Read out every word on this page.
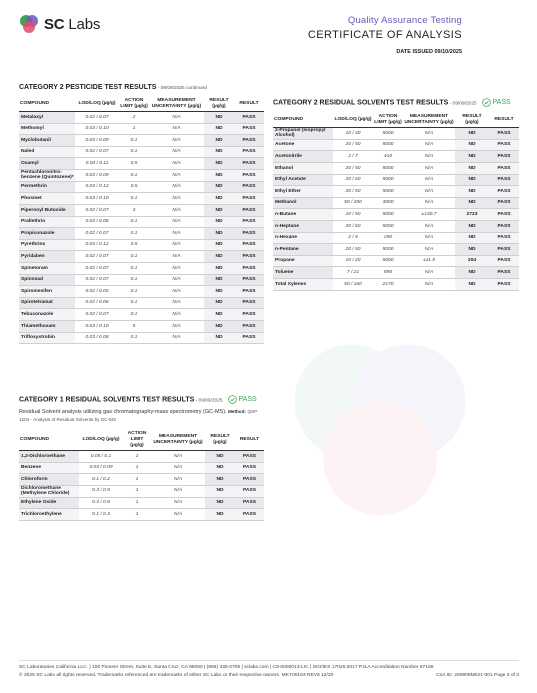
SC Labs	Quality Assurance Testing
CERTIFICATE OF ANALYSIS
DATE ISSUED 09/10/2025
CATEGORY 2 PESTICIDE TEST RESULTS - 09/09/2025 continued
COMPOUND	LOD/LOQ (µg/g)	ACTION LIMIT (µg/g)	MEASUREMENT UNCERTAINTY (µg/g)	RESULT (µg/g)	RESULT
Metalaxyl	0.02 / 0.07	2	N/A	ND	PASS
Methomyl	0.03 / 0.10	1	N/A	ND	PASS
Myclobutanil	0.03 / 0.09	0.1	N/A	ND	PASS
Naled	0.02 / 0.07	0.1	N/A	ND	PASS
Oxamyl	0.04 / 0.11	0.5	N/A	ND	PASS
Pentachloronitro-benzene (Quintozene)*	0.03 / 0.09	0.1	N/A	ND	PASS
Permethrin	0.04 / 0.12	0.5	N/A	ND	PASS
Phosmet	0.03 / 0.10	0.1	N/A	ND	PASS
Piperonyl Butoxide	0.02 / 0.07	3	N/A	ND	PASS
Prallethrin	0.03 / 0.08	0.1	N/A	ND	PASS
Propiconazole	0.02 / 0.07	0.1	N/A	ND	PASS
Pyrethrins	0.04 / 0.12	0.5	N/A	ND	PASS
Pyridaben	0.02 / 0.07	0.1	N/A	ND	PASS
Spinetoram	0.02 / 0.07	0.1	N/A	ND	PASS
Spinosad	0.02 / 0.07	0.1	N/A	ND	PASS
Spiromesifen	0.02 / 0.05	0.1	N/A	ND	PASS
Spirotetramat	0.02 / 0.06	0.1	N/A	ND	PASS
Tebuconazole	0.02 / 0.07	0.1	N/A	ND	PASS
Thiamethoxam	0.03 / 0.10	5	N/A	ND	PASS
Trifloxystrobin	0.03 / 0.08	0.1	N/A	ND	PASS
CATEGORY 2 RESIDUAL SOLVENTS TEST RESULTS - 09/09/2025 PASS
COMPOUND	LOD/LOQ (µg/g)	ACTION LIMIT (µg/g)	MEASUREMENT UNCERTAINTY (µg/g)	RESULT (µg/g)	RESULT
2-Propanol (Isopropyl Alcohol)	10 / 40	5000	N/A	ND	PASS
Acetone	20 / 50	5000	N/A	ND	PASS
Acetonitrile	2 / 7	410	N/A	ND	PASS
Ethanol	20 / 50	5000	N/A	ND	PASS
Ethyl Acetate	20 / 60	5000	N/A	ND	PASS
Ethyl Ether	20 / 50	5000	N/A	ND	PASS
Methanol	50 / 200	3000	N/A	ND	PASS
n-Butane	10 / 50	5000	±130.7	2723	PASS
n-Heptane	20 / 60	5000	N/A	ND	PASS
n-Hexane	2 / 5	290	N/A	ND	PASS
n-Pentane	20 / 50	5000	N/A	ND	PASS
Propane	10 / 20	5000	±11.5	204	PASS
Toluene	7 / 21	890	N/A	ND	PASS
Total Xylenes	50 / 160	2170	N/A	ND	PASS
CATEGORY 1 RESIDUAL SOLVENTS TEST RESULTS - 09/09/2025 PASS
Residual Solvent analysis utilizing gas chromatography-mass spectrometry (GC-MS). Method: QSP 1204 - Analysis of Residual Solvents by GC-MS
COMPOUND	LOD/LOQ (µg/g)	ACTION LIMIT (µg/g)	MEASUREMENT UNCERTAINTY (µg/g)	RESULT (µg/g)	RESULT
1,2-Dichloroethane	0.05 / 0.1	1	N/A	ND	PASS
Benzene	0.03 / 0.09	1	N/A	ND	PASS
Chloroform	0.1 / 0.2	1	N/A	ND	PASS
Dichloromethane (Methylene Chloride)	0.3 / 0.9	1	N/A	ND	PASS
Ethylene Oxide	0.3 / 0.8	1	N/A	ND	PASS
Trichloroethylene	0.1 / 0.3	1	N/A	ND	PASS
SC Laboratories California LLC. | 100 Pioneer Street, Suite E, Santa Cruz, CA 95060 | (866) 435-0709 | sclabs.com | C8-0000013-LIC | ISO/IES 17025:2017 PJLA Accreditation Number 87168
© 2025 SC Labs all rights reserved. Trademarks referenced are trademarks of either SC Labs or their respective owners. MKT00163 REV6 12/20	CoA ID: 250908M021-001 Page 3 of 3
